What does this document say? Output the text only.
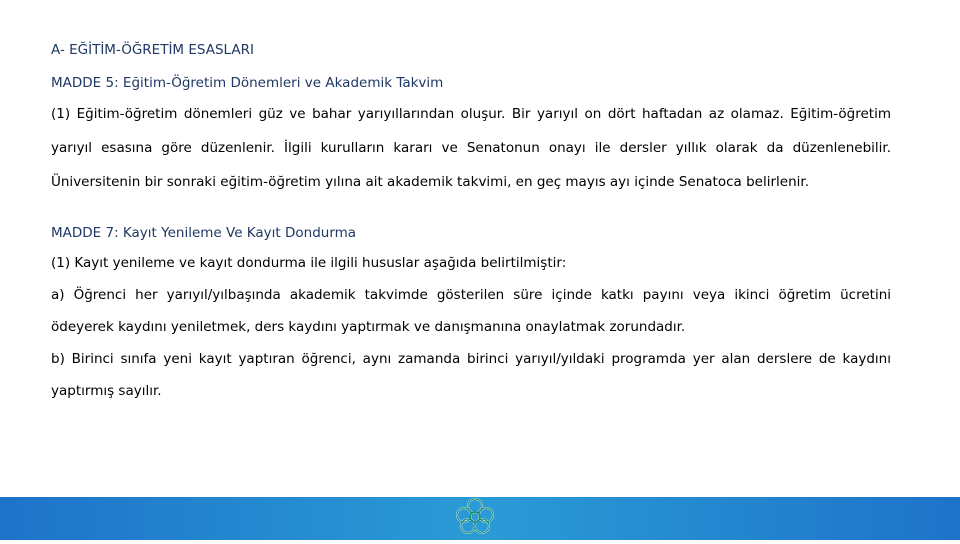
A- EĞİTİM-ÖĞRETİM ESASLARI

MADDE 5: Eğitim-Öğretim Dönemleri ve Akademik Takvim

(1) Eğitim-öğretim dönemleri güz ve bahar yarıyıllarından oluşur. Bir yarıyıl on dört haftadan az olamaz. Eğitim-öğretim yarıyıl esasına göre düzenlenir. İlgili kurulların kararı ve Senatonun onayı ile dersler yıllık olarak da düzenlenebilir. Üniversitenin bir sonraki eğitim-öğretim yılına ait akademik takvimi, en geç mayıs ayı içinde Senatoca belirlenir.

MADDE 7: Kayıt Yenileme Ve Kayıt Dondurma

(1) Kayıt yenileme ve kayıt dondurma ile ilgili hususlar aşağıda belirtilmiştir:

a) Öğrenci her yarıyıl/yılbaşında akademik takvimde gösterilen süre içinde katkı payını veya ikinci öğretim ücretini ödeyerek kaydını yeniletmek, ders kaydını yaptırmak ve danışmanına onaylatmak zorundadır.

b) Birinci sınıfa yeni kayıt yaptıran öğrenci, aynı zamanda birinci yarıyıl/yıldaki programda yer alan derslere de kaydını yaptırmış sayılır.
